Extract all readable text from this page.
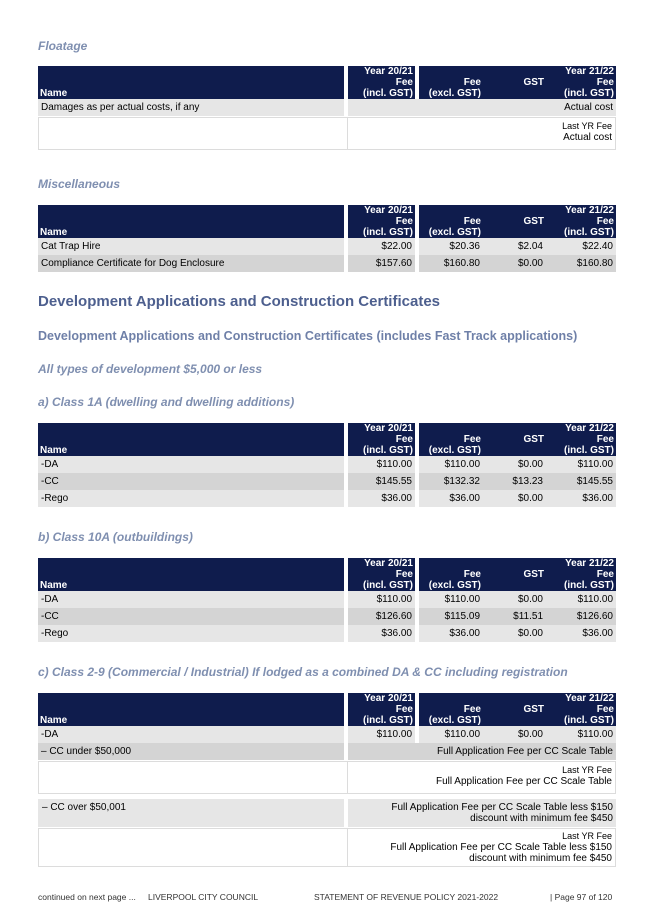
Floatage
Name	Year 20/21			Year 21/22
	Fee	Fee	GST	Fee
	(incl. GST)	(excl. GST)		(incl. GST)
Damages as per actual costs, if any	Actual cost			
Last YR Fee
Actual cost
Miscellaneous
Name	Year 20/21			Year 21/22
	Fee	Fee	GST	Fee
	(incl. GST)	(excl. GST)		(incl. GST)
Cat Trap Hire	$22.00	$20.36	$2.04	$22.40
Compliance Certificate for Dog Enclosure	$157.60	$160.80	$0.00	$160.80
Development Applications and Construction Certificates
Development Applications and Construction Certificates (includes Fast Track applications)
All types of development $5,000 or less
a) Class 1A (dwelling and dwelling additions)
Name	Year 20/21			Year 21/22
	Fee	Fee	GST	Fee
	(incl. GST)	(excl. GST)		(incl. GST)
-DA	$110.00	$110.00	$0.00	$110.00
-CC	$145.55	$132.32	$13.23	$145.55
-Rego	$36.00	$36.00	$0.00	$36.00
b) Class 10A (outbuildings)
Name	Year 20/21			Year 21/22
	Fee	Fee	GST	Fee
	(incl. GST)	(excl. GST)		(incl. GST)
-DA	$110.00	$110.00	$0.00	$110.00
-CC	$126.60	$115.09	$11.51	$126.60
-Rego	$36.00	$36.00	$0.00	$36.00
c) Class 2-9 (Commercial / Industrial) If lodged as a combined DA & CC including registration
Name	Year 20/21			Year 21/22
	Fee	Fee	GST	Fee
	(incl. GST)	(excl. GST)		(incl. GST)
-DA	$110.00	$110.00	$0.00	$110.00
– CC under $50,000	Full Application Fee per CC Scale Table			
Last YR Fee
Full Application Fee per CC Scale Table
– CC over $50,001	Full Application Fee per CC Scale Table less $150
discount with minimum fee $450
Last YR Fee
Full Application Fee per CC Scale Table less $150
discount with minimum fee $450
continued on next page ... LIVERPOOL CITY COUNCIL	STATEMENT OF REVENUE POLICY 2021-2022	| Page 97 of 120
